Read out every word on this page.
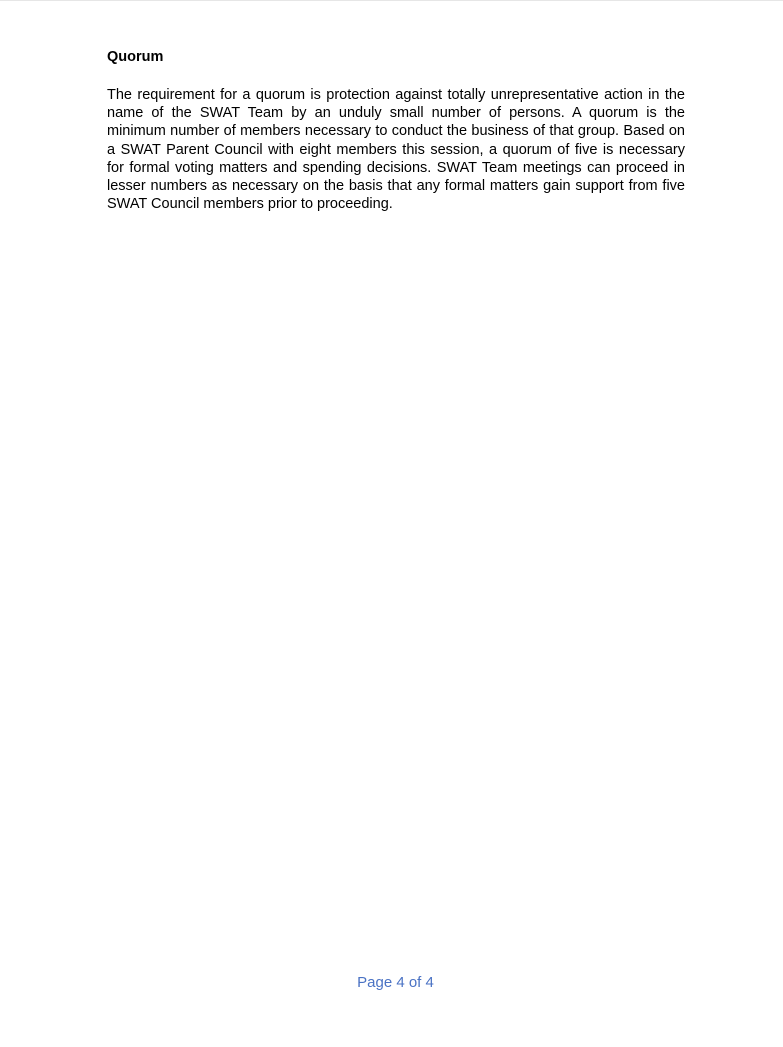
Quorum

The requirement for a quorum is protection against totally unrepresentative action in the name of the SWAT Team by an unduly small number of persons. A quorum is the minimum number of members necessary to conduct the business of that group. Based on a SWAT Parent Council with eight members this session, a quorum of five is necessary for formal voting matters and spending decisions. SWAT Team meetings can proceed in lesser numbers as necessary on the basis that any formal matters gain support from five SWAT Council members prior to proceeding.

Page 4 of 4
